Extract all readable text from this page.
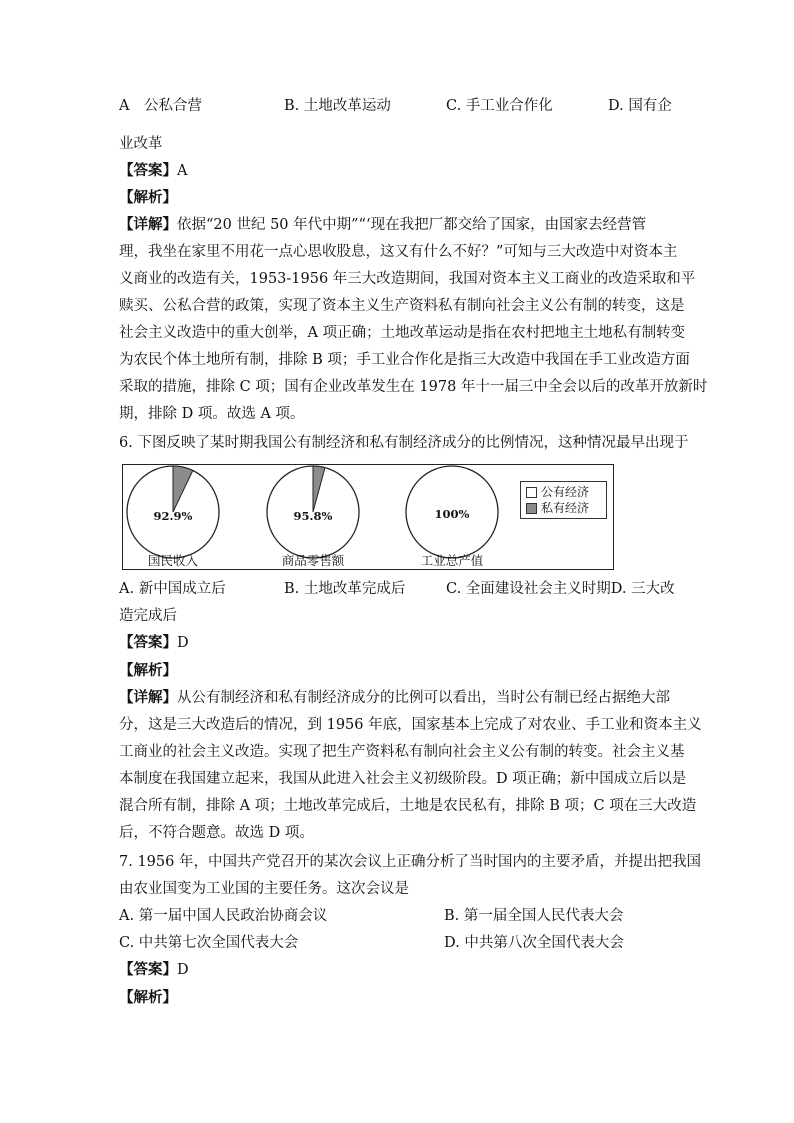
A　公私合营	B. 土地改革运动	C. 手工业合作化	D. 国有企
业改革
【答案】A
【解析】
【详解】依据“20 世纪 50 年代中期”“‘现在我把厂都交给了国家，由国家去经营管
理，我坐在家里不用花一点心思收股息，这又有什么不好？”可知与三大改造中对资本主
义商业的改造有关，1953-1956 年三大改造期间，我国对资本主义工商业的改造采取和平
赎买、公私合营的政策，实现了资本主义生产资料私有制向社会主义公有制的转变，这是
社会主义改造中的重大创举，A 项正确；土地改革运动是指在农村把地主土地私有制转变
为农民个体土地所有制，排除 B 项；手工业合作化是指三大改造中我国在手工业改造方面
采取的措施，排除 C 项；国有企业改革发生在 1978 年十一届三中全会以后的改革开放新时
期，排除 D 项。故选 A 项。
6. 下图反映了某时期我国公有制经济和私有制经济成分的比例情况，这种情况最早出现于
92.9%	95.8%	100%
国民收入	商品零售额	工业总产值
公有经济
私有经济
A. 新中国成立后	B. 土地改革完成后	C. 全面建设社会主义时期D. 三大改
造完成后
【答案】D
【解析】
【详解】从公有制经济和私有制经济成分的比例可以看出，当时公有制已经占据绝大部
分，这是三大改造后的情况，到 1956 年底，国家基本上完成了对农业、手工业和资本主义
工商业的社会主义改造。实现了把生产资料私有制向社会主义公有制的转变。社会主义基
本制度在我国建立起来，我国从此进入社会主义初级阶段。D 项正确；新中国成立后以是
混合所有制，排除 A 项；土地改革完成后，土地是农民私有，排除 B 项；C 项在三大改造
后，不符合题意。故选 D 项。
7. 1956 年，中国共产党召开的某次会议上正确分析了当时国内的主要矛盾，并提出把我国
由农业国变为工业国的主要任务。这次会议是
A. 第一届中国人民政治协商会议	B. 第一届全国人民代表大会
C. 中共第七次全国代表大会	D. 中共第八次全国代表大会
【答案】D
【解析】
